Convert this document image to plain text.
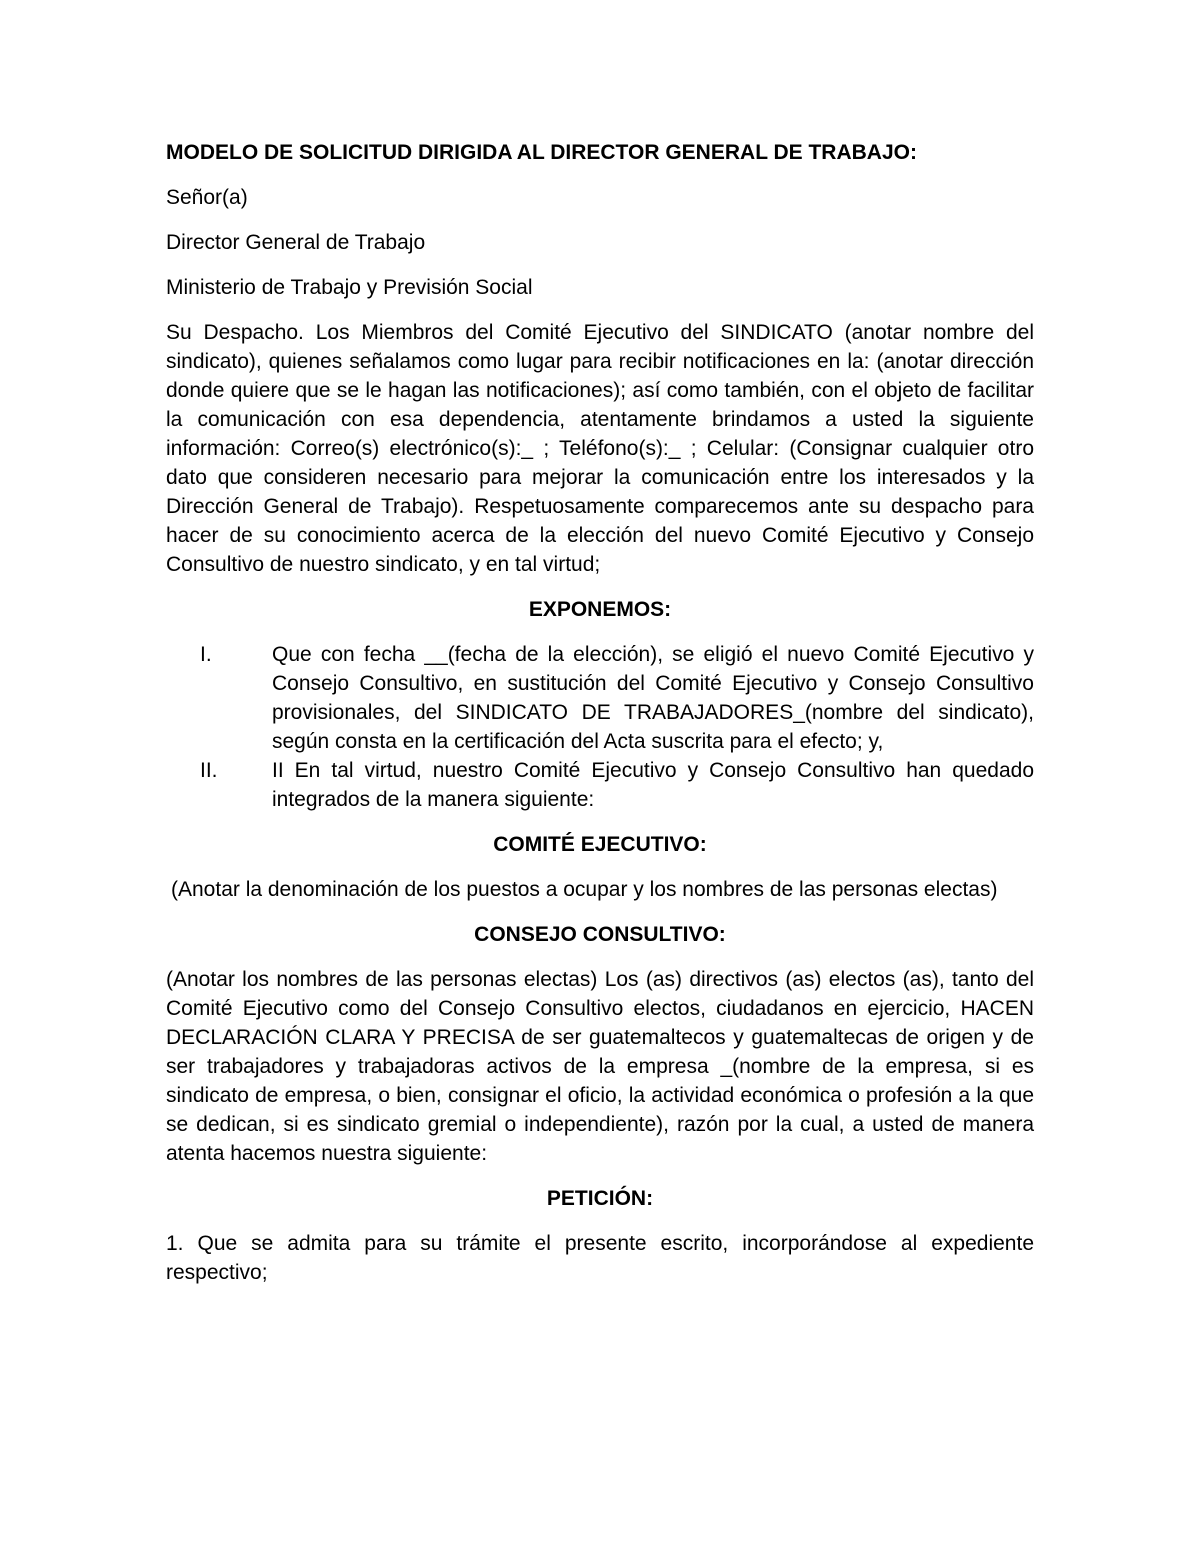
MODELO DE SOLICITUD DIRIGIDA AL DIRECTOR GENERAL DE TRABAJO:
Señor(a)
Director General de Trabajo
Ministerio de Trabajo y Previsión Social
Su Despacho. Los Miembros del Comité Ejecutivo del SINDICATO (anotar nombre del sindicato), quienes señalamos como lugar para recibir notificaciones en la: (anotar dirección donde quiere que se le hagan las notificaciones); así como también, con el objeto de facilitar la comunicación con esa dependencia, atentamente brindamos a usted la siguiente información: Correo(s) electrónico(s):_ ; Teléfono(s):_ ; Celular: (Consignar cualquier otro dato que consideren necesario para mejorar la comunicación entre los interesados y la Dirección General de Trabajo). Respetuosamente comparecemos ante su despacho para hacer de su conocimiento acerca de la elección del nuevo Comité Ejecutivo y Consejo Consultivo de nuestro sindicato, y en tal virtud;
EXPONEMOS:
I.	Que con fecha __(fecha de la elección), se eligió el nuevo Comité Ejecutivo y Consejo Consultivo, en sustitución del Comité Ejecutivo y Consejo Consultivo provisionales, del SINDICATO DE TRABAJADORES_(nombre del sindicato), según consta en la certificación del Acta suscrita para el efecto; y,
II.	II En tal virtud, nuestro Comité Ejecutivo y Consejo Consultivo han quedado integrados de la manera siguiente:
COMITÉ EJECUTIVO:
(Anotar la denominación de los puestos a ocupar y los nombres de las personas electas)
CONSEJO CONSULTIVO:
(Anotar los nombres de las personas electas) Los (as) directivos (as) electos (as), tanto del Comité Ejecutivo como del Consejo Consultivo electos, ciudadanos en ejercicio, HACEN DECLARACIÓN CLARA Y PRECISA de ser guatemaltecos y guatemaltecas de origen y de ser trabajadores y trabajadoras activos de la empresa _(nombre de la empresa, si es sindicato de empresa, o bien, consignar el oficio, la actividad económica o profesión a la que se dedican, si es sindicato gremial o independiente), razón por la cual, a usted de manera atenta hacemos nuestra siguiente:
PETICIÓN:
1. Que se admita para su trámite el presente escrito, incorporándose al expediente respectivo;
